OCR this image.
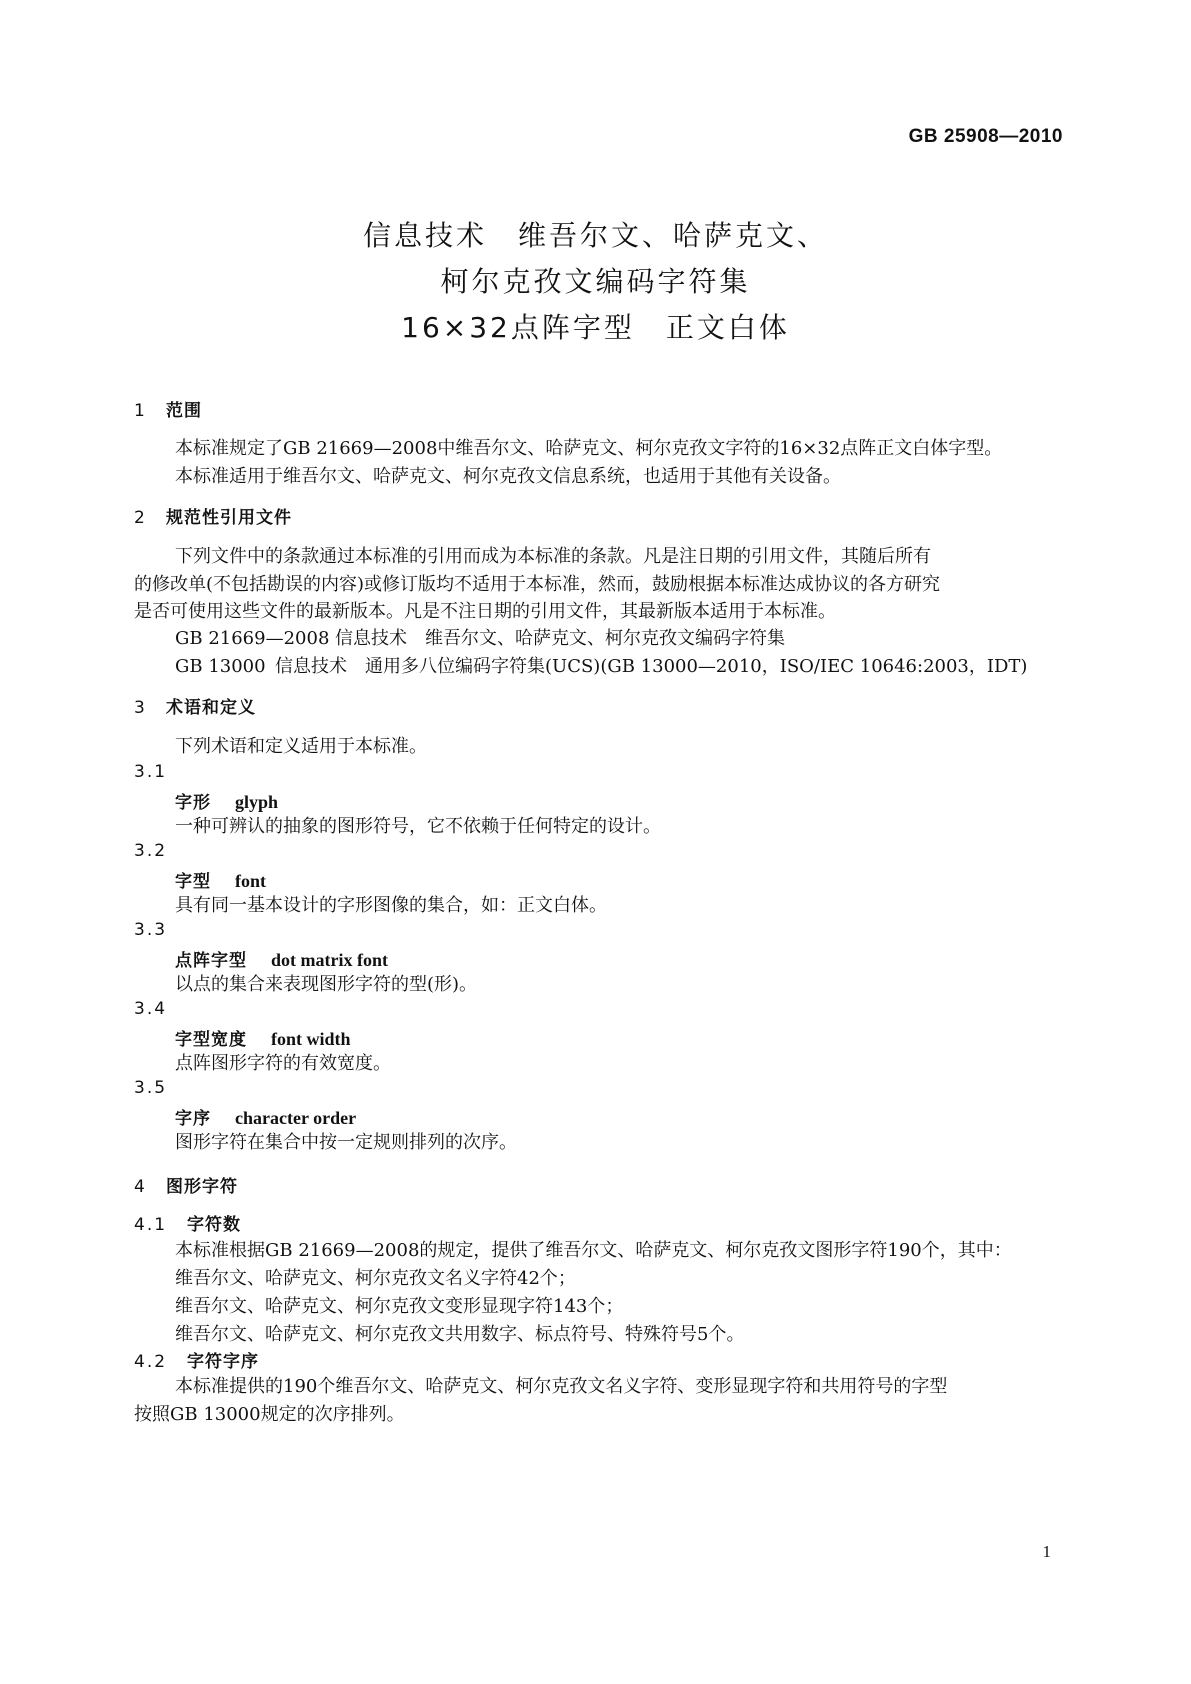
GB 25908—2010
信息技术　维吾尔文、哈萨克文、
柯尔克孜文编码字符集
16×32点阵字型　正文白体
1 范围
本标准规定了GB 21669—2008中维吾尔文、哈萨克文、柯尔克孜文字符的16×32点阵正文白体字型。
本标准适用于维吾尔文、哈萨克文、柯尔克孜文信息系统，也适用于其他有关设备。
2 规范性引用文件
下列文件中的条款通过本标准的引用而成为本标准的条款。凡是注日期的引用文件，其随后所有
的修改单(不包括勘误的内容)或修订版均不适用于本标准，然而，鼓励根据本标准达成协议的各方研究
是否可使用这些文件的最新版本。凡是不注日期的引用文件，其最新版本适用于本标准。
GB 21669—2008 信息技术　维吾尔文、哈萨克文、柯尔克孜文编码字符集
GB 13000 信息技术　通用多八位编码字符集(UCS)(GB 13000—2010，ISO/IEC 10646:2003，IDT)
3 术语和定义
下列术语和定义适用于本标准。
3.1
字形 glyph
一种可辨认的抽象的图形符号，它不依赖于任何特定的设计。
3.2
字型 font
具有同一基本设计的字形图像的集合，如：正文白体。
3.3
点阵字型 dot matrix font
以点的集合来表现图形字符的型(形)。
3.4
字型宽度 font width
点阵图形字符的有效宽度。
3.5
字序 character order
图形字符在集合中按一定规则排列的次序。
4 图形字符
4.1 字符数
本标准根据GB 21669—2008的规定，提供了维吾尔文、哈萨克文、柯尔克孜文图形字符190个，其中：
维吾尔文、哈萨克文、柯尔克孜文名义字符42个；
维吾尔文、哈萨克文、柯尔克孜文变形显现字符143个；
维吾尔文、哈萨克文、柯尔克孜文共用数字、标点符号、特殊符号5个。
4.2 字符字序
本标准提供的190个维吾尔文、哈萨克文、柯尔克孜文名义字符、变形显现字符和共用符号的字型
按照GB 13000规定的次序排列。
1
